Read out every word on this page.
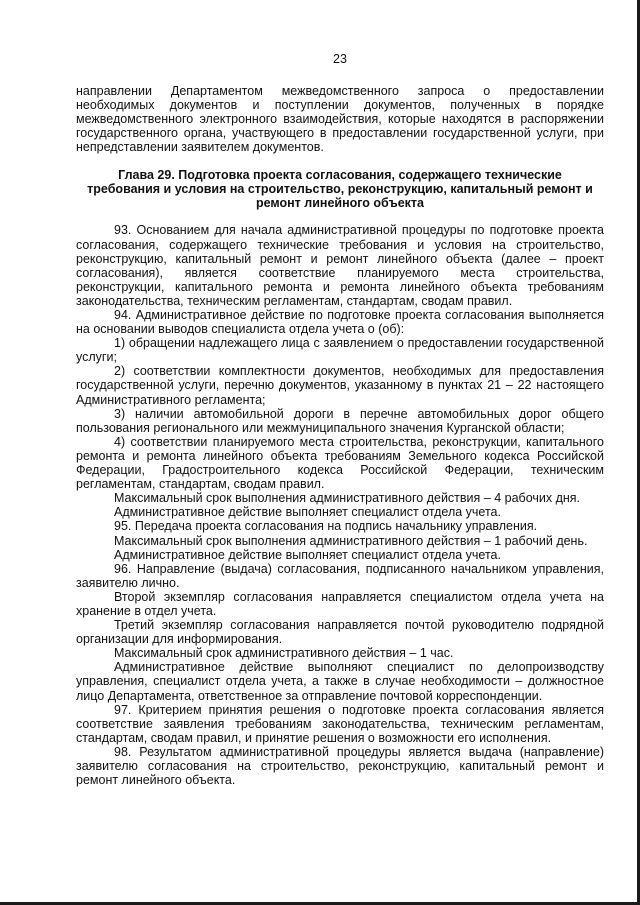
23

направлении Департаментом межведомственного запроса о предоставлении необходимых документов и поступлении документов, полученных в порядке межведомственного электронного взаимодействия, которые находятся в распоряжении государственного органа, участвующего в предоставлении государственной услуги, при непредставлении заявителем документов.

Глава 29. Подготовка проекта согласования, содержащего технические требования и условия на строительство, реконструкцию, капитальный ремонт и ремонт линейного объекта

93. Основанием для начала административной процедуры по подготовке проекта согласования, содержащего технические требования и условия на строительство, реконструкцию, капитальный ремонт и ремонт линейного объекта (далее – проект согласования), является соответствие планируемого места строительства, реконструкции, капитального ремонта и ремонта линейного объекта требованиям законодательства, техническим регламентам, стандартам, сводам правил.

94. Административное действие по подготовке проекта согласования выполняется на основании выводов специалиста отдела учета о (об):

1) обращении надлежащего лица с заявлением о предоставлении государственной услуги;

2) соответствии комплектности документов, необходимых для предоставления государственной услуги, перечню документов, указанному в пунктах 21 – 22 настоящего Административного регламента;

3) наличии автомобильной дороги в перечне автомобильных дорог общего пользования регионального или межмуниципального значения Курганской области;

4) соответствии планируемого места строительства, реконструкции, капитального ремонта и ремонта линейного объекта требованиям Земельного кодекса Российской Федерации, Градостроительного кодекса Российской Федерации, техническим регламентам, стандартам, сводам правил.

Максимальный срок выполнения административного действия – 4 рабочих дня.

Административное действие выполняет специалист отдела учета.

95. Передача проекта согласования на подпись начальнику управления.

Максимальный срок выполнения административного действия – 1 рабочий день.

Административное действие выполняет специалист отдела учета.

96. Направление (выдача) согласования, подписанного начальником управления, заявителю лично.

Второй экземпляр согласования направляется специалистом отдела учета на хранение в отдел учета.

Третий экземпляр согласования направляется почтой руководителю подрядной организации для информирования.

Максимальный срок административного действия – 1 час.

Административное действие выполняют специалист по делопроизводству управления, специалист отдела учета, а также в случае необходимости – должностное лицо Департамента, ответственное за отправление почтовой корреспонденции.

97. Критерием принятия решения о подготовке проекта согласования является соответствие заявления требованиям законодательства, техническим регламентам, стандартам, сводам правил, и принятие решения о возможности его исполнения.

98. Результатом административной процедуры является выдача (направление) заявителю согласования на строительство, реконструкцию, капитальный ремонт и ремонт линейного объекта.
